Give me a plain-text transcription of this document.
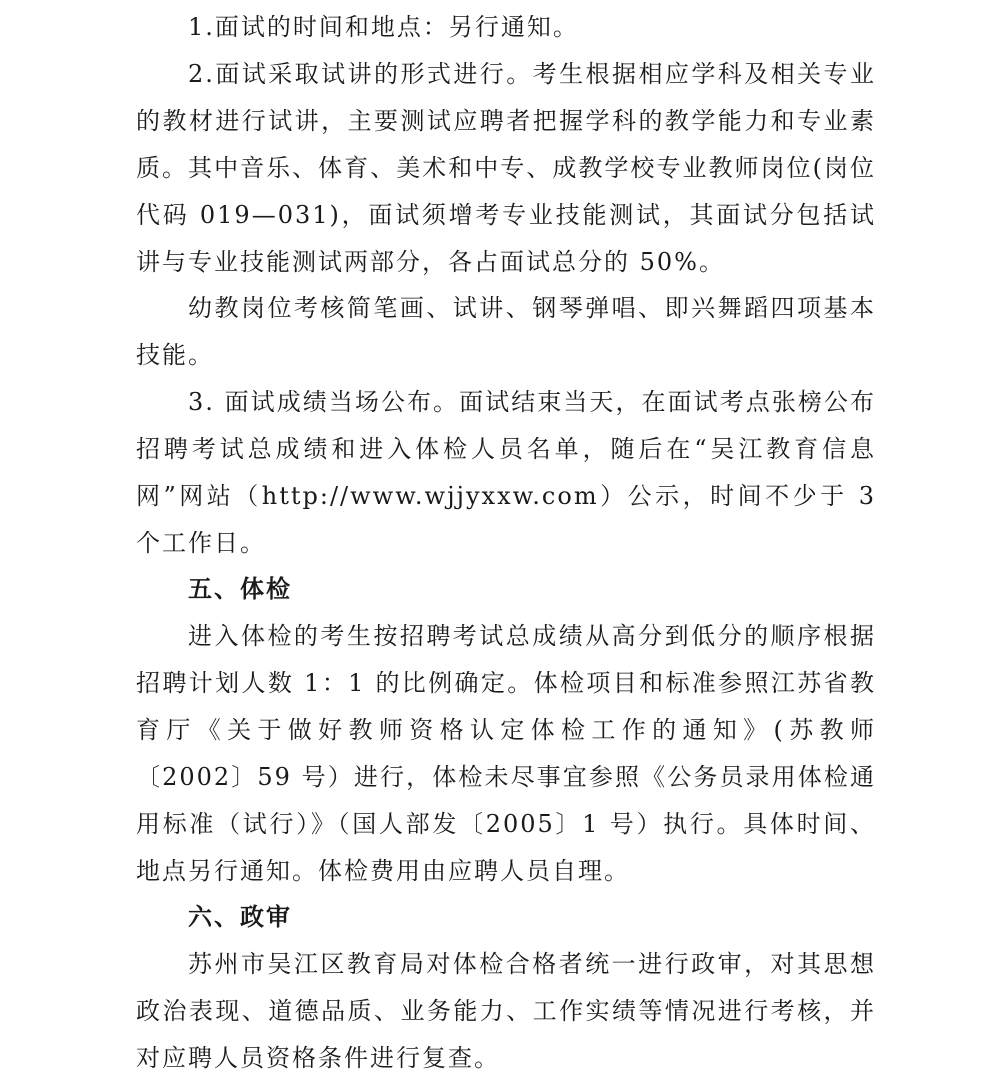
1.面试的时间和地点：另行通知。
2.面试采取试讲的形式进行。考生根据相应学科及相关专业的教材进行试讲，主要测试应聘者把握学科的教学能力和专业素质。其中音乐、体育、美术和中专、成教学校专业教师岗位(岗位代码 019—031)，面试须增考专业技能测试，其面试分包括试讲与专业技能测试两部分，各占面试总分的 50%。
幼教岗位考核简笔画、试讲、钢琴弹唱、即兴舞蹈四项基本技能。
3. 面试成绩当场公布。面试结束当天，在面试考点张榜公布招聘考试总成绩和进入体检人员名单，随后在“吴江教育信息网”网站（http://www.wjjyxxw.com）公示，时间不少于 3 个工作日。
五、体检
进入体检的考生按招聘考试总成绩从高分到低分的顺序根据招聘计划人数 1：1 的比例确定。体检项目和标准参照江苏省教育厅《关于做好教师资格认定体检工作的通知》(苏教师〔2002〕59 号）进行，体检未尽事宜参照《公务员录用体检通用标准（试行）》（国人部发〔2005〕1 号）执行。具体时间、地点另行通知。体检费用由应聘人员自理。
六、政审
苏州市吴江区教育局对体检合格者统一进行政审，对其思想政治表现、道德品质、业务能力、工作实绩等情况进行考核，并对应聘人员资格条件进行复查。
